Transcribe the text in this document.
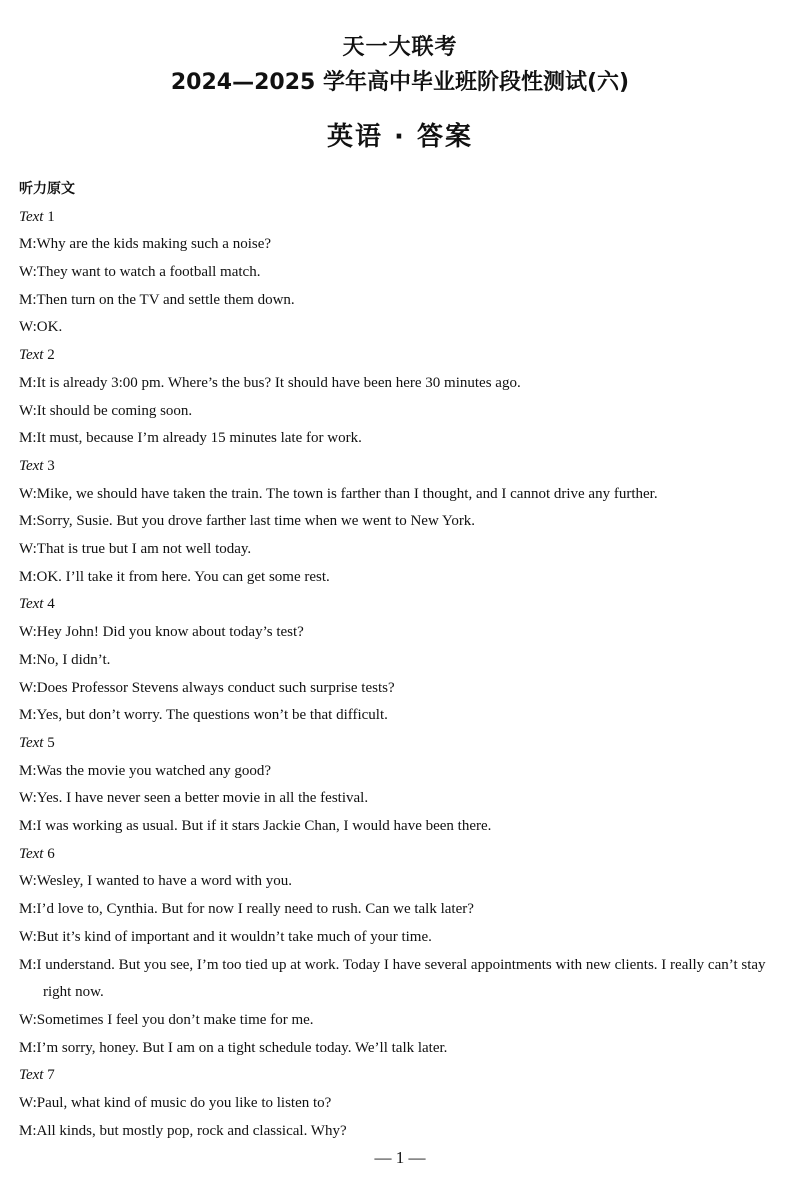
天一大联考
2024—2025 学年高中毕业班阶段性测试(六)
英语 · 答案
听力原文
Text 1
M:Why are the kids making such a noise?
W:They want to watch a football match.
M:Then turn on the TV and settle them down.
W:OK.
Text 2
M:It is already 3:00 pm. Where’s the bus? It should have been here 30 minutes ago.
W:It should be coming soon.
M:It must, because I’m already 15 minutes late for work.
Text 3
W:Mike, we should have taken the train. The town is farther than I thought, and I cannot drive any further.
M:Sorry, Susie. But you drove farther last time when we went to New York.
W:That is true but I am not well today.
M:OK. I’ll take it from here. You can get some rest.
Text 4
W:Hey John! Did you know about today’s test?
M:No, I didn’t.
W:Does Professor Stevens always conduct such surprise tests?
M:Yes, but don’t worry. The questions won’t be that difficult.
Text 5
M:Was the movie you watched any good?
W:Yes. I have never seen a better movie in all the festival.
M:I was working as usual. But if it stars Jackie Chan, I would have been there.
Text 6
W:Wesley, I wanted to have a word with you.
M:I’d love to, Cynthia. But for now I really need to rush. Can we talk later?
W:But it’s kind of important and it wouldn’t take much of your time.
M:I understand. But you see, I’m too tied up at work. Today I have several appointments with new clients. I really can’t stay right now.
W:Sometimes I feel you don’t make time for me.
M:I’m sorry, honey. But I am on a tight schedule today. We’ll talk later.
Text 7
W:Paul, what kind of music do you like to listen to?
M:All kinds, but mostly pop, rock and classical. Why?
— 1 —
